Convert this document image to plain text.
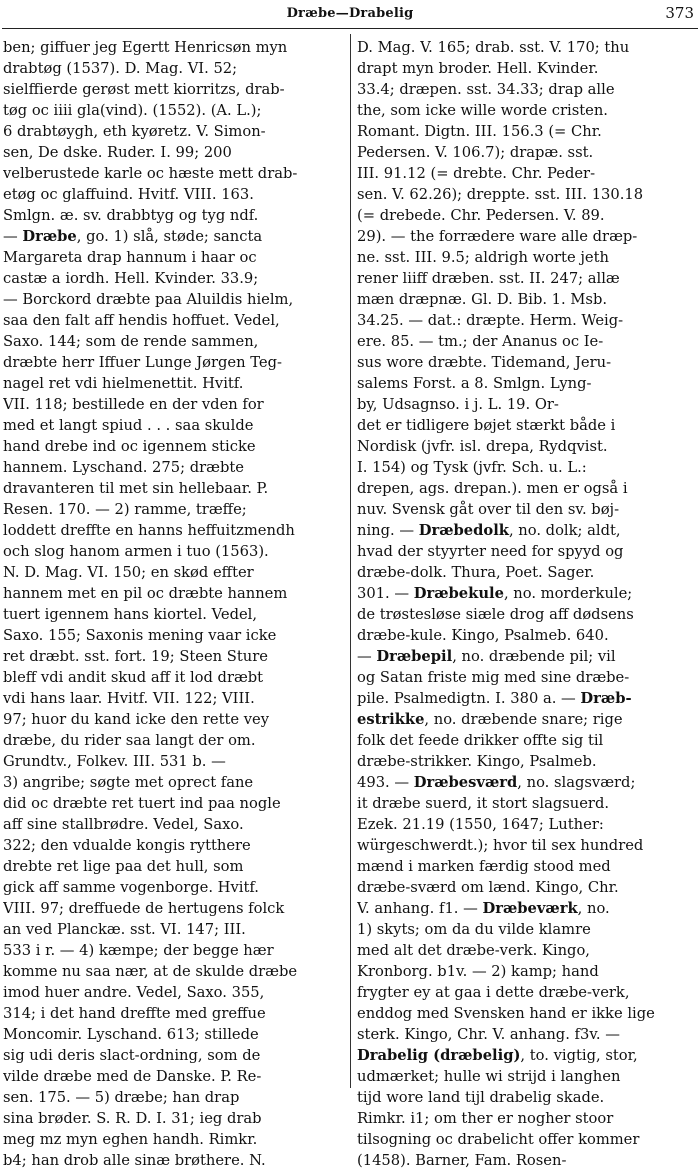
Dræbe—Drabelig	373
ben; giffuer jeg Egertt Henricsøn myn
drabtøg (1537). D. Mag. VI. 52;
sielffierde gerøst mett kiorritzs, drab-
tøg oc iiii gla(vind). (1552). (A. L.);
6 drabtøygh, eth kyøretz. V. Simon-
sen, De dske. Ruder. I. 99; 200
velberustede karle oc hæste mett drab-
etøg oc glaffuind. Hvitf. VIII. 163.
Smlgn. æ. sv. drabbtyg og tyg ndf.
— Dræbe, go. 1) slå, støde; sancta
Margareta drap hannum i haar oc
castæ a iordh. Hell. Kvinder. 33.9;
— Borckord dræbte paa Aluildis hielm,
saa den falt aff hendis hoffuet. Vedel,
Saxo. 144; som de rende sammen,
dræbte herr Iffuer Lunge Jørgen Teg-
nagel ret vdi hielmenettit. Hvitf.
VII. 118; bestillede en der vden for
med et langt spiud . . . saa skulde
hand drebe ind oc igennem sticke
hannem. Lyschand. 275; dræbte
dravanteren til met sin hellebaar. P.
Resen. 170. — 2) ramme, træffe;
loddett dreffte en hanns heffuitzmendh
och slog hanom armen i tuo (1563).
N. D. Mag. VI. 150; en skød effter
hannem met en pil oc dræbte hannem
tuert igennem hans kiortel. Vedel,
Saxo. 155; Saxonis mening vaar icke
ret dræbt. sst. fort. 19; Steen Sture
bleff vdi andit skud aff it lod dræbt
vdi hans laar. Hvitf. VII. 122; VIII.
97; huor du kand icke den rette vey
dræbe, du rider saa langt der om.
Grundtv., Folkev. III. 531 b. —
3) angribe; søgte met oprect fane
did oc dræbte ret tuert ind paa nogle
aff sine stallbrødre. Vedel, Saxo.
322; den vdualde kongis rytthere
drebte ret lige paa det hull, som
gick aff samme vogenborge. Hvitf.
VIII. 97; dreffuede de hertugens folck
an ved Planckæ. sst. VI. 147; III.
533 i r. — 4) kæmpe; der begge hær
komme nu saa nær, at de skulde dræbe
imod huer andre. Vedel, Saxo. 355,
314; i det hand dreffte med greffue
Moncomir. Lyschand. 613; stillede
sig udi deris slact-ordning, som de
vilde dræbe med de Danske. P. Re-
sen. 175. — 5) dræbe; han drap
sina brøder. S. R. D. I. 31; ieg drab
meg mz myn eghen handh. Rimkr.
b4; han drob alle sinæ brøthere. N.
D. Mag. V. 165; drab. sst. V. 170; thu
drapt myn broder. Hell. Kvinder.
33.4; dræpen. sst. 34.33; drap alle
the, som icke wille worde cristen.
Romant. Digtn. III. 156.3 (= Chr.
Pedersen. V. 106.7); drapæ. sst.
III. 91.12 (= drebte. Chr. Peder-
sen. V. 62.26); dreppte. sst. III. 130.18
(= drebede. Chr. Pedersen. V. 89.
29). — the forrædere ware alle dræp-
ne. sst. III. 9.5; aldrigh worte jeth
rener liiff dræben. sst. II. 247; allæ
mæn dræpnæ. Gl. D. Bib. 1. Msb.
34.25. — dat.: dræpte. Herm. Weig-
ere. 85. — tm.; der Ananus oc Ie-
sus wore dræbte. Tidemand, Jeru-
salems Forst. a 8. Smlgn. Lyng-
by, Udsagnso. i j. L. 19. Or-
det er tidligere bøjet stærkt både i
Nordisk (jvfr. isl. drepa, Rydqvist.
I. 154) og Tysk (jvfr. Sch. u. L.:
drepen, ags. drepan.). men er også i
nuv. Svensk gåt over til den sv. bøj-
ning. — Dræbedolk, no. dolk; aldt,
hvad der styyrter need for spyyd og
dræbe-dolk. Thura, Poet. Sager.
301. — Dræbekule, no. morderkule;
de trøstesløse siæle drog aff dødsens
dræbe-kule. Kingo, Psalmeb. 640.
— Dræbepil, no. dræbende pil; vil
og Satan friste mig med sine dræbe-
pile. Psalmedigtn. I. 380 a. — Dræb-
estrikke, no. dræbende snare; rige
folk det feede drikker offte sig til
dræbe-strikker. Kingo, Psalmeb.
493. — Dræbesværd, no. slagsværd;
it dræbe suerd, it stort slagsuerd.
Ezek. 21.19 (1550, 1647; Luther:
würgeschwerdt.); hvor til sex hundred
mænd i marken færdig stood med
dræbe-sværd om lænd. Kingo, Chr.
V. anhang. f1. — Dræbeværk, no.
1) skyts; om da du vilde klamre
med alt det dræbe-verk. Kingo,
Kronborg. b1v. — 2) kamp; hand
frygter ey at gaa i dette dræbe-verk,
enddog med Svensken hand er ikke lige
sterk. Kingo, Chr. V. anhang. f3v. —
Drabelig (dræbelig), to. vigtig, stor,
udmærket; hulle wi strijd i langhen
tijd wore land tijl drabelig skade.
Rimkr. i1; om ther er nogher stoor
tilsogning oc drabelicht offer kommer
(1458). Barner, Fam. Rosen-
